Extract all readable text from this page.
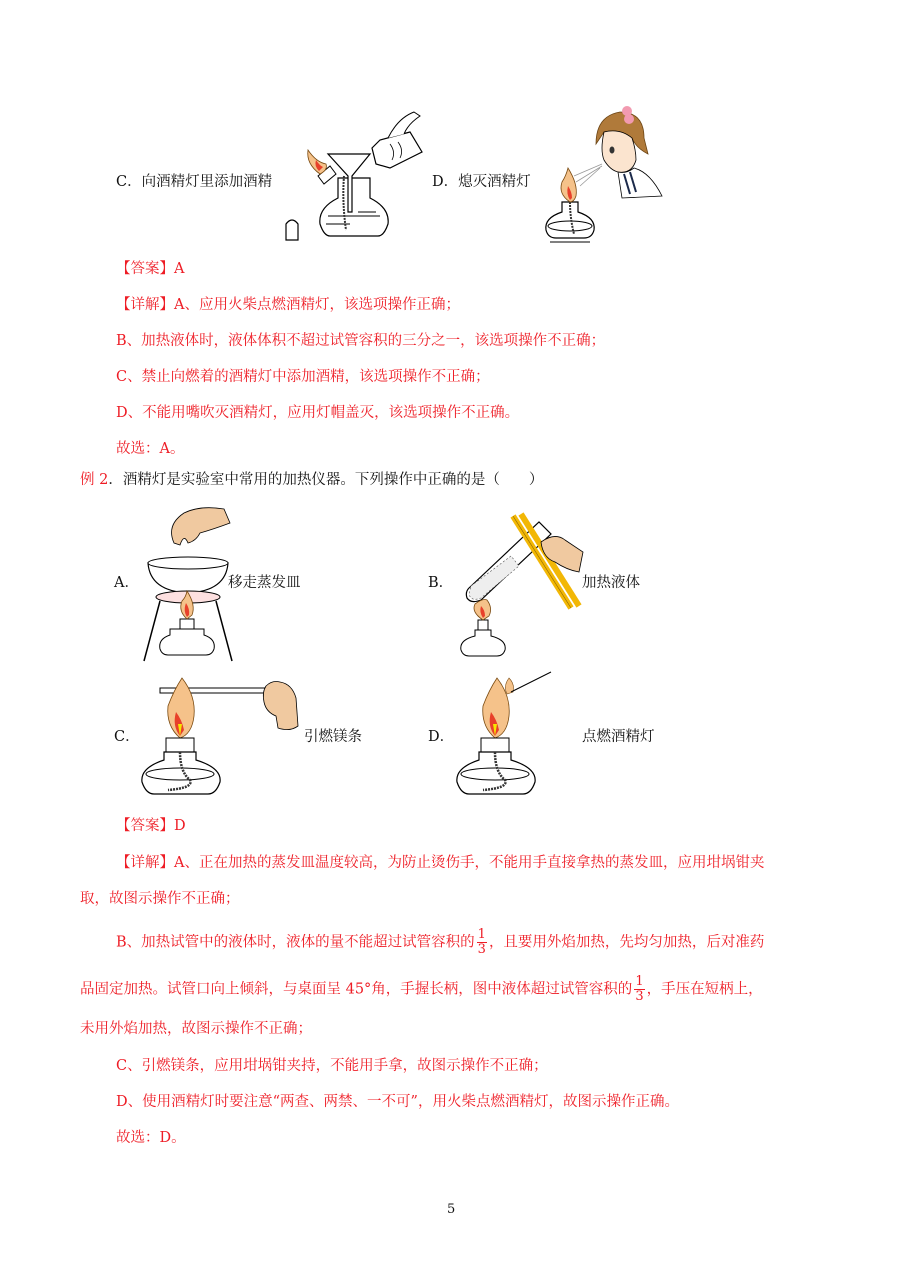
C．向酒精灯里添加酒精	D．熄灭酒精灯
【答案】A
【详解】A、应用火柴点燃酒精灯，该选项操作正确；
B、加热液体时，液体体积不超过试管容积的三分之一，该选项操作不正确；
C、禁止向燃着的酒精灯中添加酒精，该选项操作不正确；
D、不能用嘴吹灭酒精灯，应用灯帽盖灭，该选项操作不正确。
故选：A。
例 2．酒精灯是实验室中常用的加热仪器。下列操作中正确的是（　　）
A．	移走蒸发皿	B．	加热液体
C．	引燃镁条	D．	点燃酒精灯
【答案】D
【详解】A、正在加热的蒸发皿温度较高，为防止烫伤手，不能用手直接拿热的蒸发皿，应用坩埚钳夹
取，故图示操作不正确；
B、加热试管中的液体时，液体的量不能超过试管容积的 $\frac{1}{3}$ ，且要用外焰加热，先均匀加热，后对准药
品固定加热。试管口向上倾斜，与桌面呈 45°角，手握长柄，图中液体超过试管容积的 $\frac{1}{3}$ ，手压在短柄上，
未用外焰加热，故图示操作不正确；
C、引燃镁条，应用坩埚钳夹持，不能用手拿，故图示操作不正确；
D、使用酒精灯时要注意“两查、两禁、一不可”，用火柴点燃酒精灯，故图示操作正确。
故选：D。
5
